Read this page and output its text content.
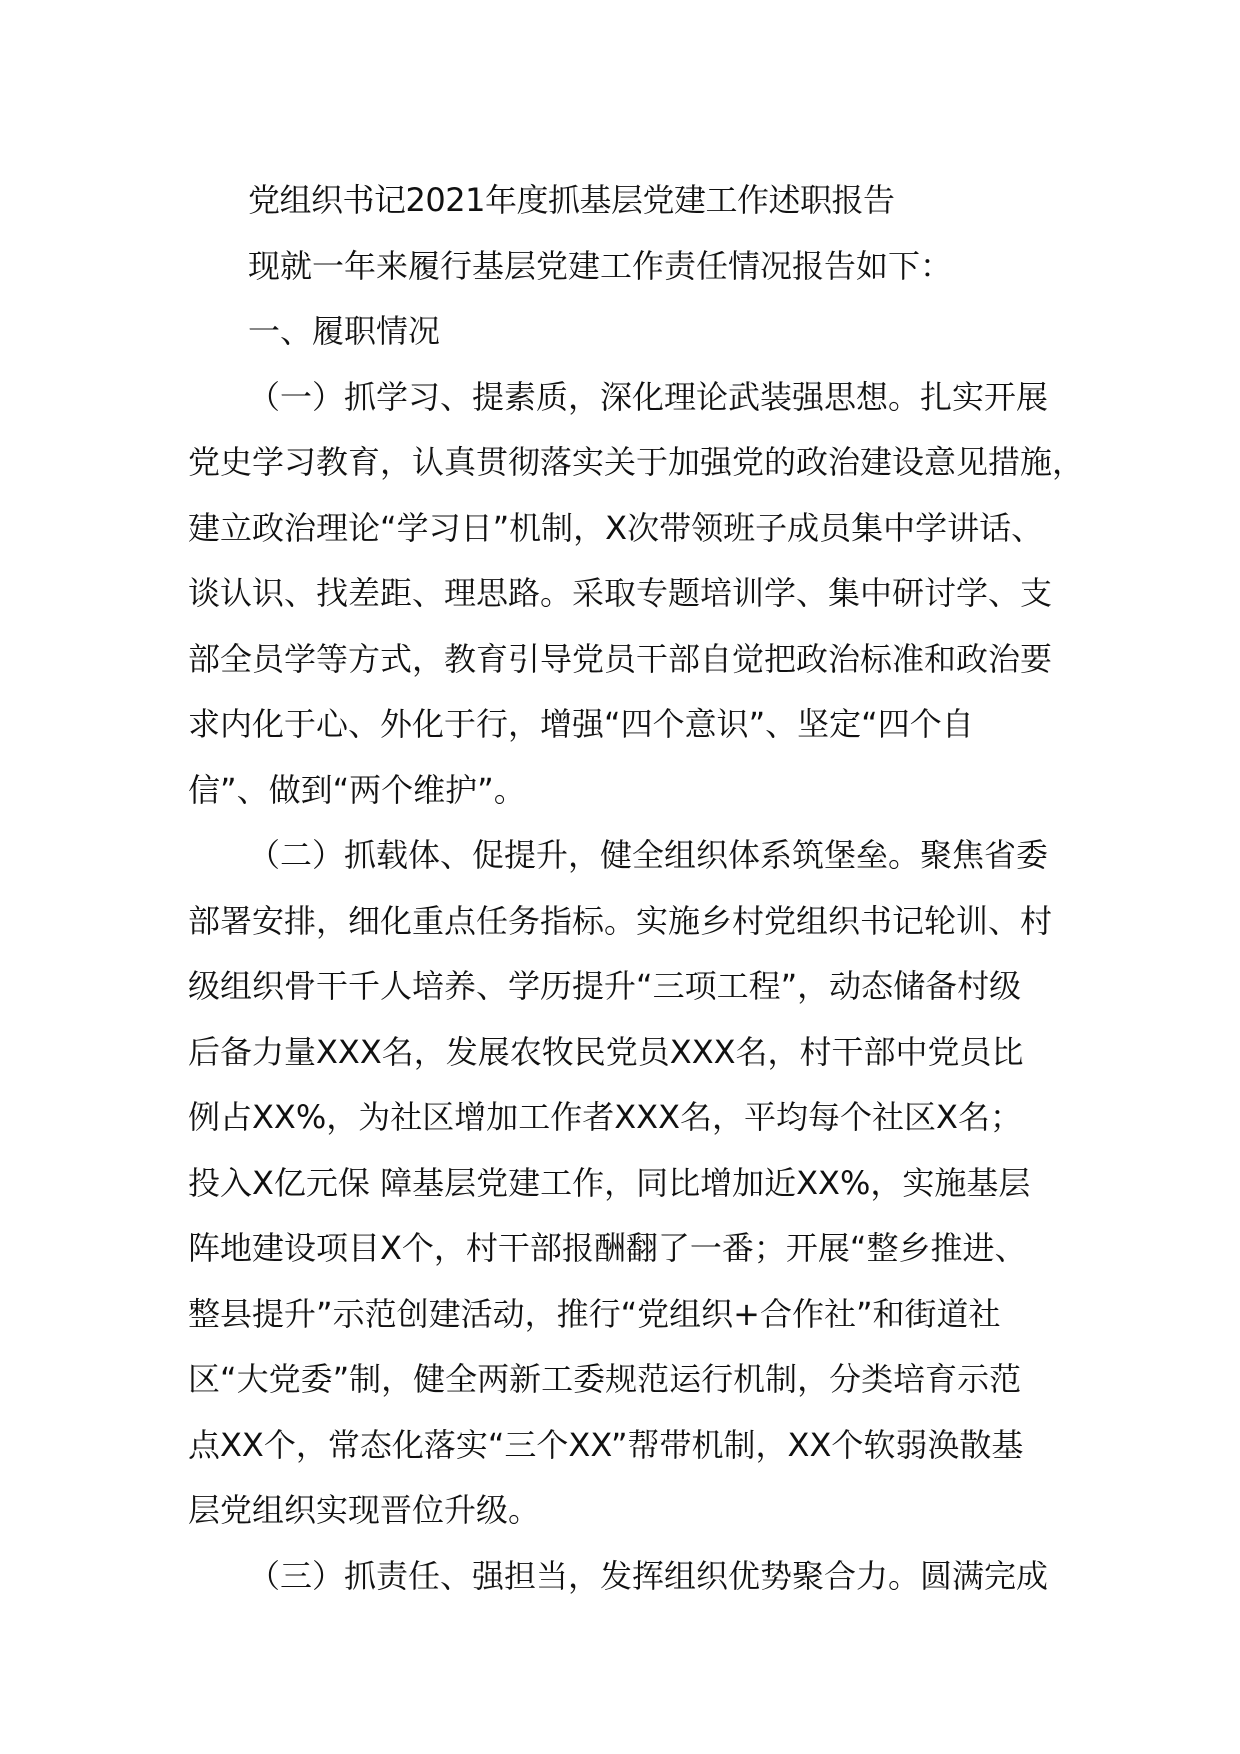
党组织书记2021年度抓基层党建工作述职报告
现就一年来履行基层党建工作责任情况报告如下：
一、履职情况
（一）抓学习、提素质，深化理论武装强思想。扎实开展
党史学习教育，认真贯彻落实关于加强党的政治建设意见措施，
建立政治理论“学习日”机制，X次带领班子成员集中学讲话、
谈认识、找差距、理思路。采取专题培训学、集中研讨学、支
部全员学等方式，教育引导党员干部自觉把政治标准和政治要
求内化于心、外化于行，增强“四个意识”、坚定“四个自
信”、做到“两个维护”。
（二）抓载体、促提升，健全组织体系筑堡垒。聚焦省委
部署安排，细化重点任务指标。实施乡村党组织书记轮训、村
级组织骨干千人培养、学历提升“三项工程”，动态储备村级
后备力量XXX名，发展农牧民党员XXX名，村干部中党员比
例占XX%，为社区增加工作者XXX名，平均每个社区X名；
投入X亿元保 障基层党建工作，同比增加近XX%，实施基层
阵地建设项目X个，村干部报酬翻了一番；开展“整乡推进、
整县提升”示范创建活动，推行“党组织+合作社”和街道社
区“大党委”制，健全两新工委规范运行机制，分类培育示范
点XX个，常态化落实“三个XX”帮带机制，XX个软弱涣散基
层党组织实现晋位升级。
（三）抓责任、强担当，发挥组织优势聚合力。圆满完成
